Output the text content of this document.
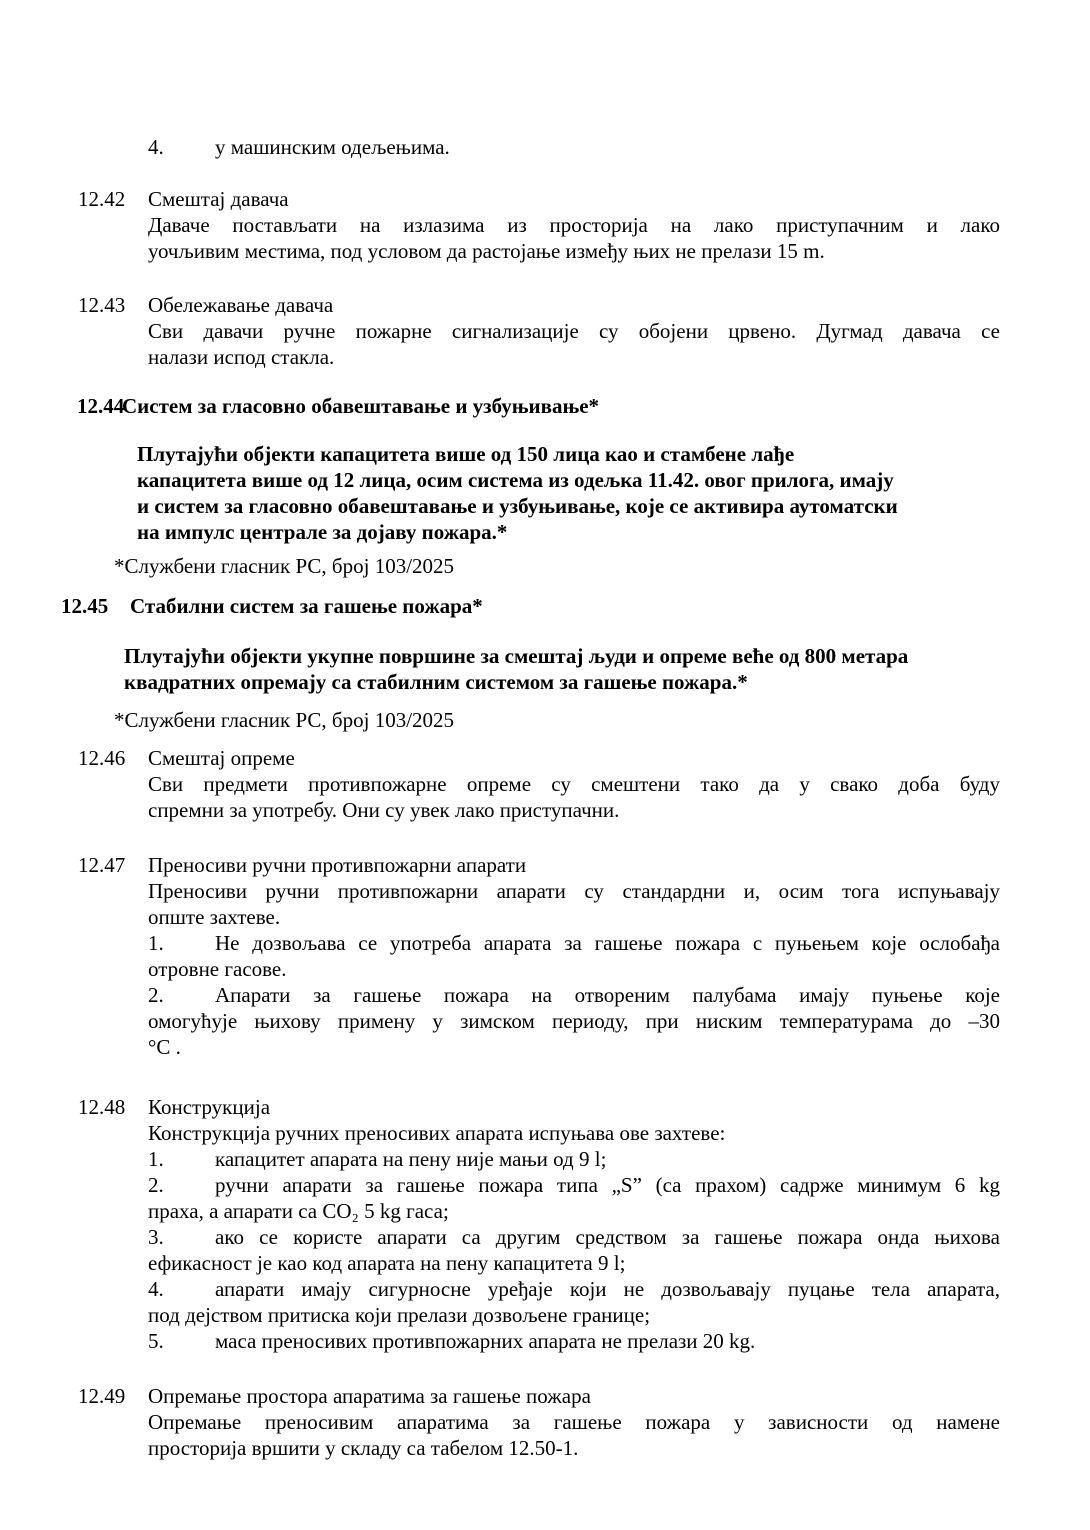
4. у машинским одељењима.
12.42 Смештај давача
Даваче постављати на излазима из просторија на лако приступачним и лако
уочљивим местима, под условом да растојање између њих не прелази 15 m.
12.43 Обележавање давача
Сви давачи ручне пожарне сигнализације су обојени црвено. Дугмад давача се
налази испод стакла.
12.44Систем за гласовно обавештавање и узбуњивање*
Плутајући објекти капацитета више од 150 лица као и стамбене лађе
капацитета више од 12 лица, осим система из одељка 11.42. овог прилога, имају
и систем за гласовно обавештавање и узбуњивање, које се активира аутоматски
на импулс централе за дојаву пожара.*
*Службени гласник РС, број 103/2025
12.45 Стабилни систем за гашење пожара*
Плутајући објекти укупне површине за смештај људи и опреме веће од 800 метара
квадратних опремају са стабилним системом за гашење пожара.*
*Службени гласник РС, број 103/2025
12.46 Смештај опреме
Сви предмети противпожарне опреме су смештени тако да у свако доба буду
спремни за употребу. Они су увек лако приступачни.
12.47 Преносиви ручни противпожарни апарати
Преносиви ручни противпожарни апарати су стандардни и, осим тога испуњавају
опште захтеве.
1. Не дозвољава се употреба апарата за гашење пожара с пуњењем које ослобађа
отровне гасове.
2. Апарати за гашење пожара на отвореним палубама имају пуњење које
омогућује њихову примену у зимском периоду, при ниским температурама до –30
°С .
12.48 Конструкција
Конструкција ручних преносивих апарата испуњава ове захтеве:
1. капацитет апарата на пену није мањи од 9 l;
2. ручни апарати за гашење пожара типа „S” (са прахом) садрже минимум 6 kg
праха, а апарати са CO₂ 5 kg гаса;
3. ако се користе апарати са другим средством за гашење пожара онда њихова
ефикасност је као код апарата на пену капацитета 9 l;
4. апарати имају сигурносне уређаје који не дозвољавају пуцање тела апарата,
под дејством притиска који прелази дозвољене границе;
5. маса преносивих противпожарних апарата не прелази 20 kg.
12.49 Опремање простора апаратима за гашење пожара
Опремање преносивим апаратима за гашење пожара у зависности од намене
просторија вршити у складу са табелом 12.50-1.
